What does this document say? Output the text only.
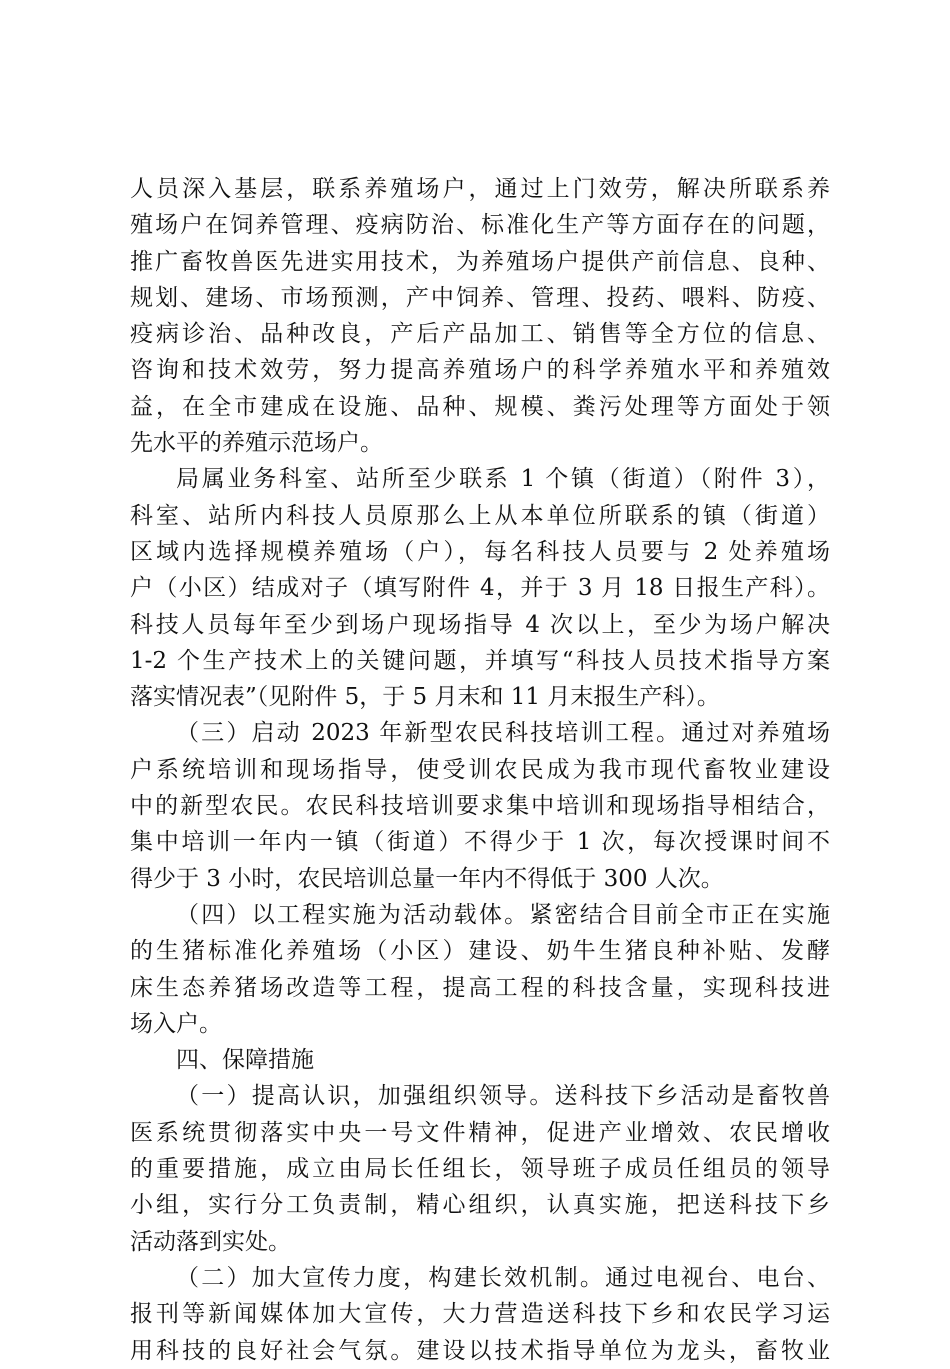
人员深入基层，联系养殖场户，通过上门效劳，解决所联系养
殖场户在饲养管理、疫病防治、标准化生产等方面存在的问题，
推广畜牧兽医先进实用技术，为养殖场户提供产前信息、良种、
规划、建场、市场预测，产中饲养、管理、投药、喂料、防疫、
疫病诊治、品种改良，产后产品加工、销售等全方位的信息、
咨询和技术效劳，努力提高养殖场户的科学养殖水平和养殖效
益，在全市建成在设施、品种、规模、粪污处理等方面处于领
先水平的养殖示范场户。
局属业务科室、站所至少联系 1 个镇（街道）（附件 3），
科室、站所内科技人员原那么上从本单位所联系的镇（街道）
区域内选择规模养殖场（户），每名科技人员要与 2 处养殖场
户（小区）结成对子（填写附件 4，并于 3 月 18 日报生产科）。
科技人员每年至少到场户现场指导 4 次以上，至少为场户解决
1-2 个生产技术上的关键问题，并填写“科技人员技术指导方案
落实情况表”（见附件 5，于 5 月末和 11 月末报生产科）。
（三）启动 2023 年新型农民科技培训工程。通过对养殖场
户系统培训和现场指导，使受训农民成为我市现代畜牧业建设
中的新型农民。农民科技培训要求集中培训和现场指导相结合，
集中培训一年内一镇（街道）不得少于 1 次，每次授课时间不
得少于 3 小时，农民培训总量一年内不得低于 300 人次。
（四）以工程实施为活动载体。紧密结合目前全市正在实施
的生猪标准化养殖场（小区）建设、奶牛生猪良种补贴、发酵
床生态养猪场改造等工程，提高工程的科技含量，实现科技进
场入户。
四、保障措施
（一）提高认识，加强组织领导。送科技下乡活动是畜牧兽
医系统贯彻落实中央一号文件精神，促进产业增效、农民增收
的重要措施，成立由局长任组长，领导班子成员任组员的领导
小组，实行分工负责制，精心组织，认真实施，把送科技下乡
活动落到实处。
（二）加大宣传力度，构建长效机制。通过电视台、电台、
报刊等新闻媒体加大宣传，大力营造送科技下乡和农民学习运
用科技的良好社会气氛。建设以技术指导单位为龙头，畜牧业
